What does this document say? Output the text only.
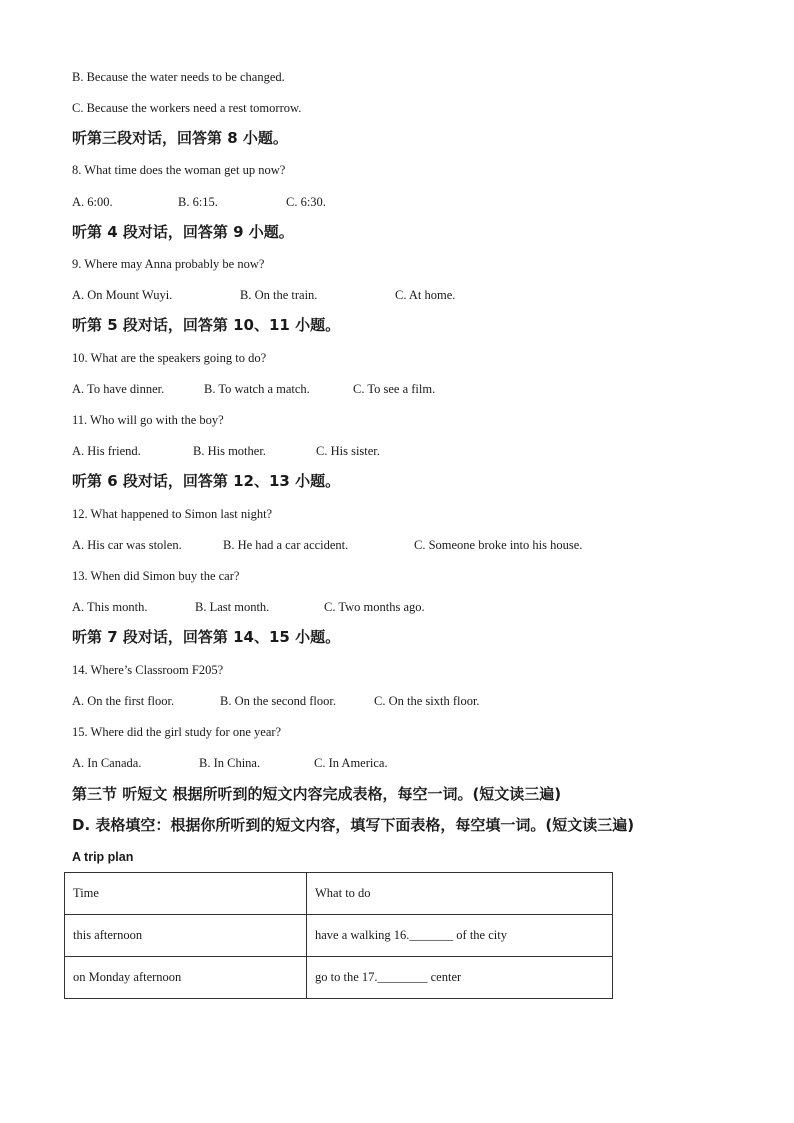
B. Because the water needs to be changed.
C. Because the workers need a rest tomorrow.
听第三段对话，回答第 8 小题。
8. What time does the woman get up now?
A. 6:00.	B. 6:15.	C. 6:30.
听第 4 段对话，回答第 9 小题。
9. Where may Anna probably be now?
A. On Mount Wuyi.	B. On the train.	C. At home.
听第 5 段对话，回答第 10、11 小题。
10. What are the speakers going to do?
A. To have dinner.	B. To watch a match.	C. To see a film.
11. Who will go with the boy?
A. His friend.	B. His mother.	C. His sister.
听第 6 段对话，回答第 12、13 小题。
12. What happened to Simon last night?
A. His car was stolen.	B. He had a car accident.	C. Someone broke into his house.
13. When did Simon buy the car?
A. This month.	B. Last month.	C. Two months ago.
听第 7 段对话，回答第 14、15 小题。
14. Where’s Classroom F205?
A. On the first floor.	B. On the second floor.	C. On the sixth floor.
15. Where did the girl study for one year?
A. In Canada.	B. In China.	C. In America.
第三节 听短文 根据所听到的短文内容完成表格，每空一词。(短文读三遍)
D. 表格填空：根据你所听到的短文内容，填写下面表格，每空填一词。(短文读三遍)
A trip plan
Time	What to do
this afternoon	have a walking 16._______ of the city
on Monday afternoon	go to the 17.________ center
